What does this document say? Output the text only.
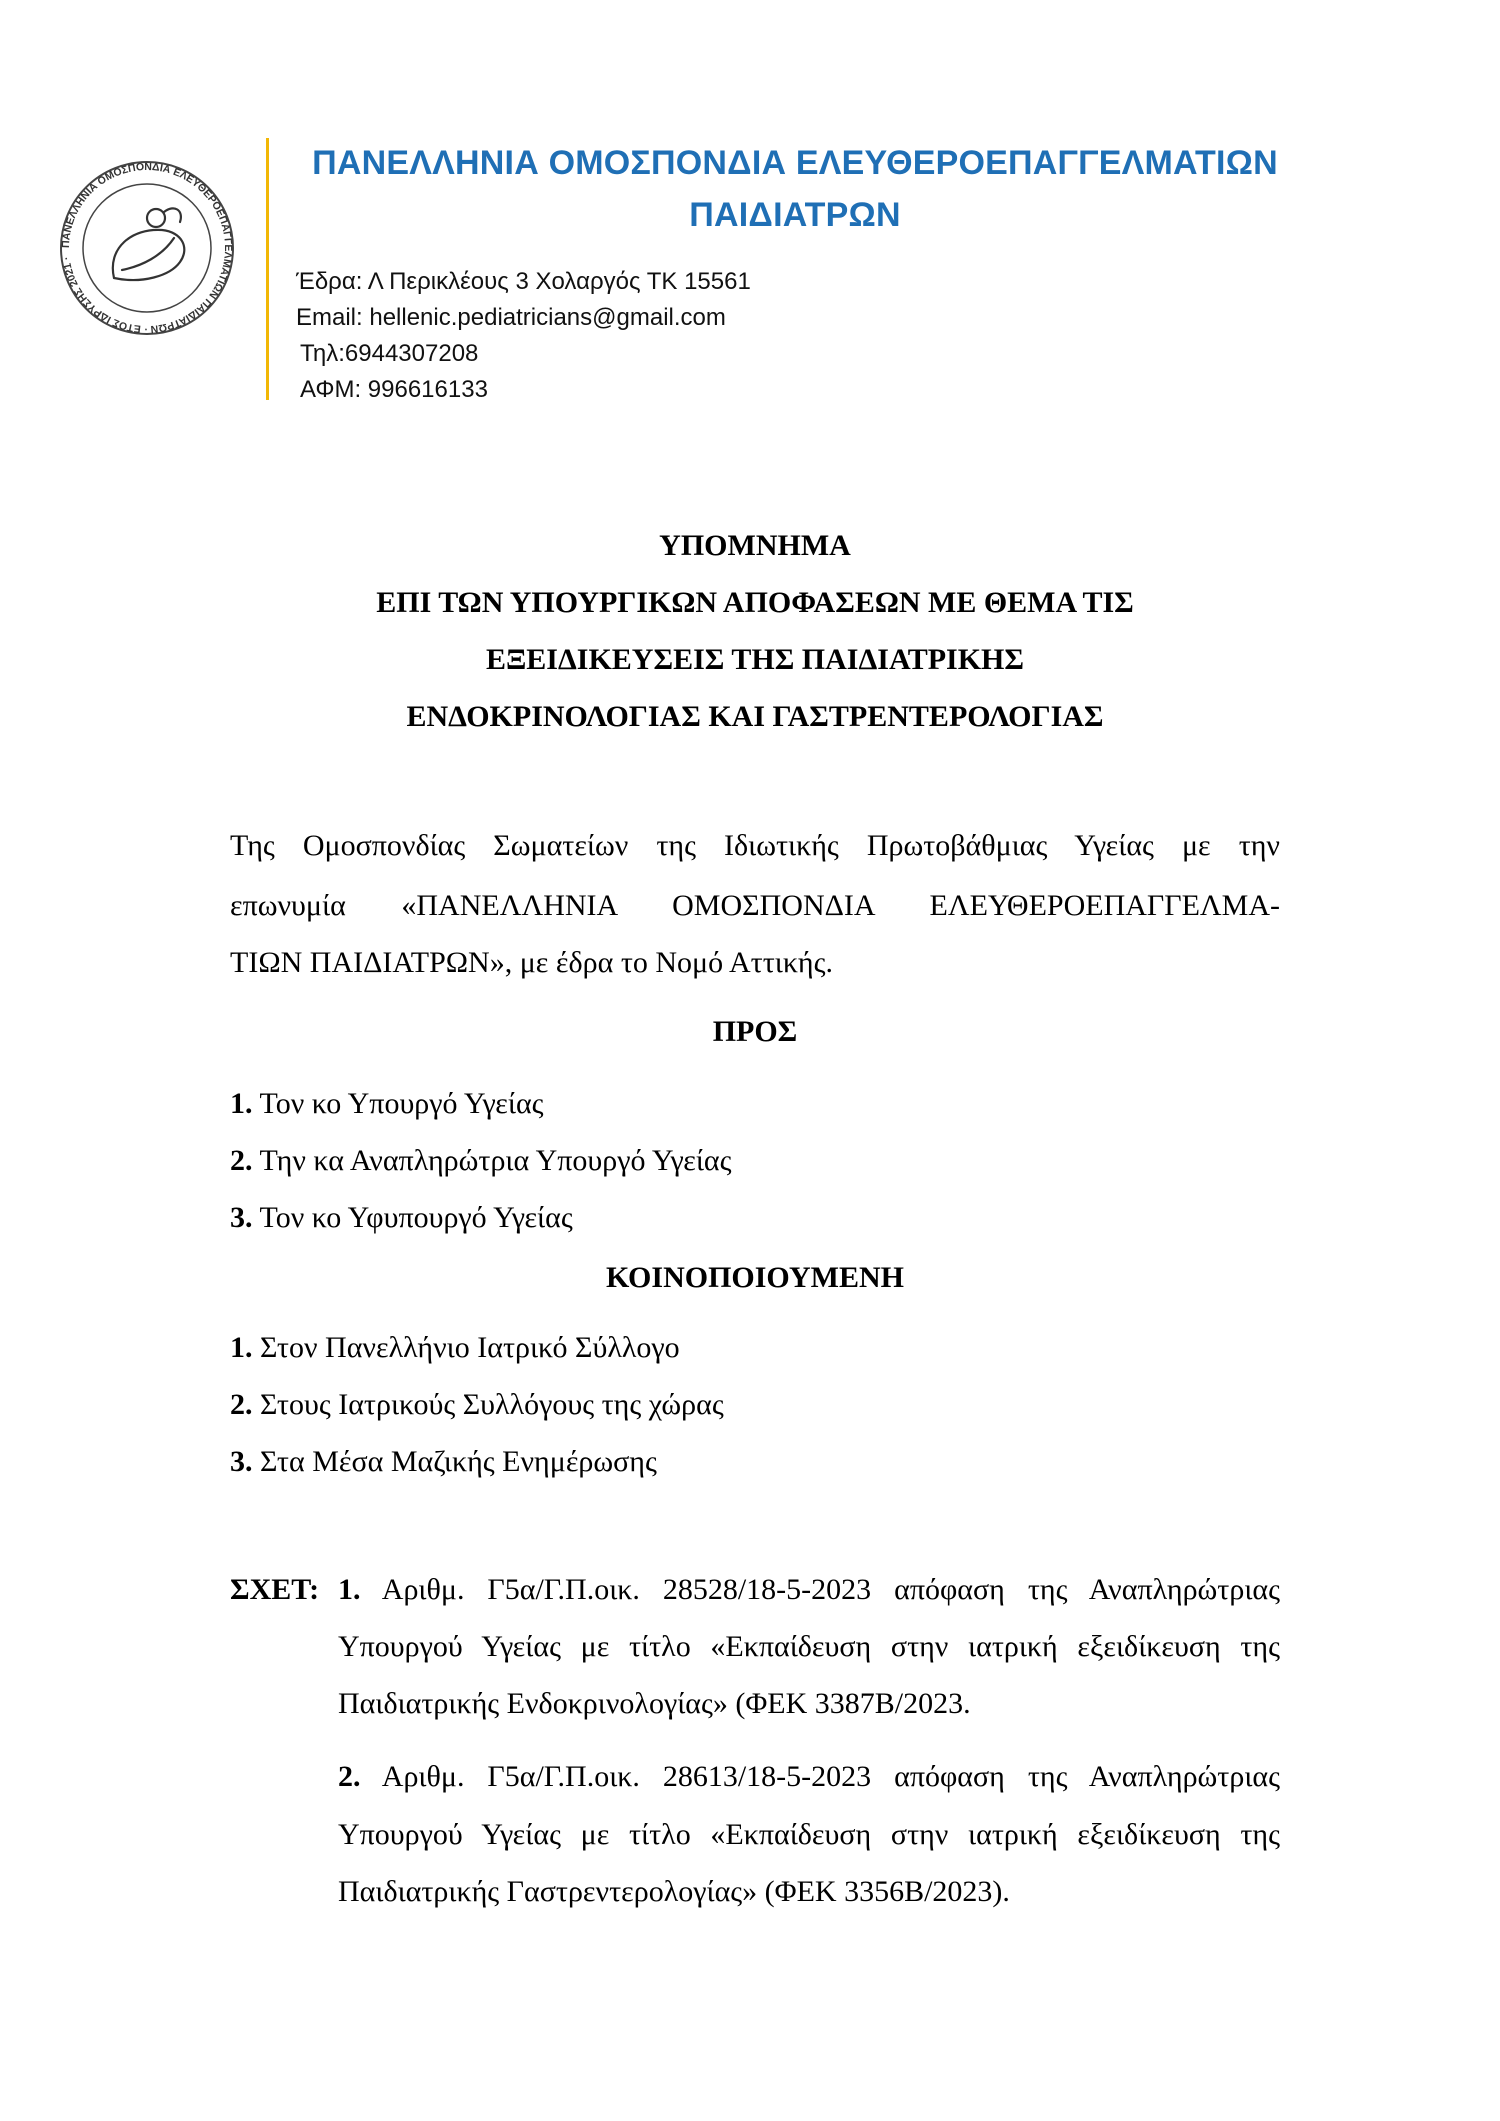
ΠΑΝΕΛΛΗΝΙΑ ΟΜΟΣΠΟΝΔΙΑ ΕΛΕΥΘΕΡΟΕΠΑΓΓΕΛΜΑΤΙΩΝ ΠΑΙΔΙΑΤΡΩΝ · ΕΤΟΣ ΙΔΡΥΣΗΣ 2021 ·
ΠΑΝΕΛΛΗΝΙΑ ΟΜΟΣΠΟΝΔΙΑ ΕΛΕΥΘΕΡΟΕΠΑΓΓΕΛΜΑΤΙΩΝ
ΠΑΙΔΙΑΤΡΩΝ
Έδρα: Λ Περικλέους 3 Χολαργός ΤΚ 15561
Email: hellenic.pediatricians@gmail.com
Τηλ:6944307208
ΑΦΜ: 996616133
ΥΠΟΜΝΗΜΑ
ΕΠΙ ΤΩΝ ΥΠΟΥΡΓΙΚΩΝ ΑΠΟΦΑΣΕΩΝ ΜΕ ΘΕΜΑ ΤΙΣ
ΕΞΕΙΔΙΚΕΥΣΕΙΣ ΤΗΣ ΠΑΙΔΙΑΤΡΙΚΗΣ
ΕΝΔΟΚΡΙΝΟΛΟΓΙΑΣ ΚΑΙ ΓΑΣΤΡΕΝΤΕΡΟΛΟΓΙΑΣ
Της Ομοσπονδίας Σωματείων της Ιδιωτικής Πρωτοβάθμιας Υγείας με την
επωνυμία «ΠΑΝΕΛΛΗΝΙΑ ΟΜΟΣΠΟΝΔΙΑ ΕΛΕΥΘΕΡΟΕΠΑΓΓΕΛΜΑ-
ΤΙΩΝ ΠΑΙΔΙΑΤΡΩΝ», με έδρα το Νομό Αττικής.
ΠΡΟΣ
1. Τον κο Υπουργό Υγείας
2. Την κα Αναπληρώτρια Υπουργό Υγείας
3. Τον κο Υφυπουργό Υγείας
ΚΟΙΝΟΠΟΙΟΥΜΕΝΗ
1. Στον Πανελλήνιο Ιατρικό Σύλλογο
2. Στους Ιατρικούς Συλλόγους της χώρας
3. Στα Μέσα Μαζικής Ενημέρωσης
ΣΧΕΤ: 1. Αριθμ. Γ5α/Γ.Π.οικ. 28528/18-5-2023 απόφαση της Αναπληρώτριας
Υπουργού Υγείας με τίτλο «Εκπαίδευση στην ιατρική εξειδίκευση της
Παιδιατρικής Ενδοκρινολογίας» (ΦΕΚ 3387Β/2023.
2. Αριθμ. Γ5α/Γ.Π.οικ. 28613/18-5-2023 απόφαση της Αναπληρώτριας
Υπουργού Υγείας με τίτλο «Εκπαίδευση στην ιατρική εξειδίκευση της
Παιδιατρικής Γαστρεντερολογίας» (ΦΕΚ 3356Β/2023).
